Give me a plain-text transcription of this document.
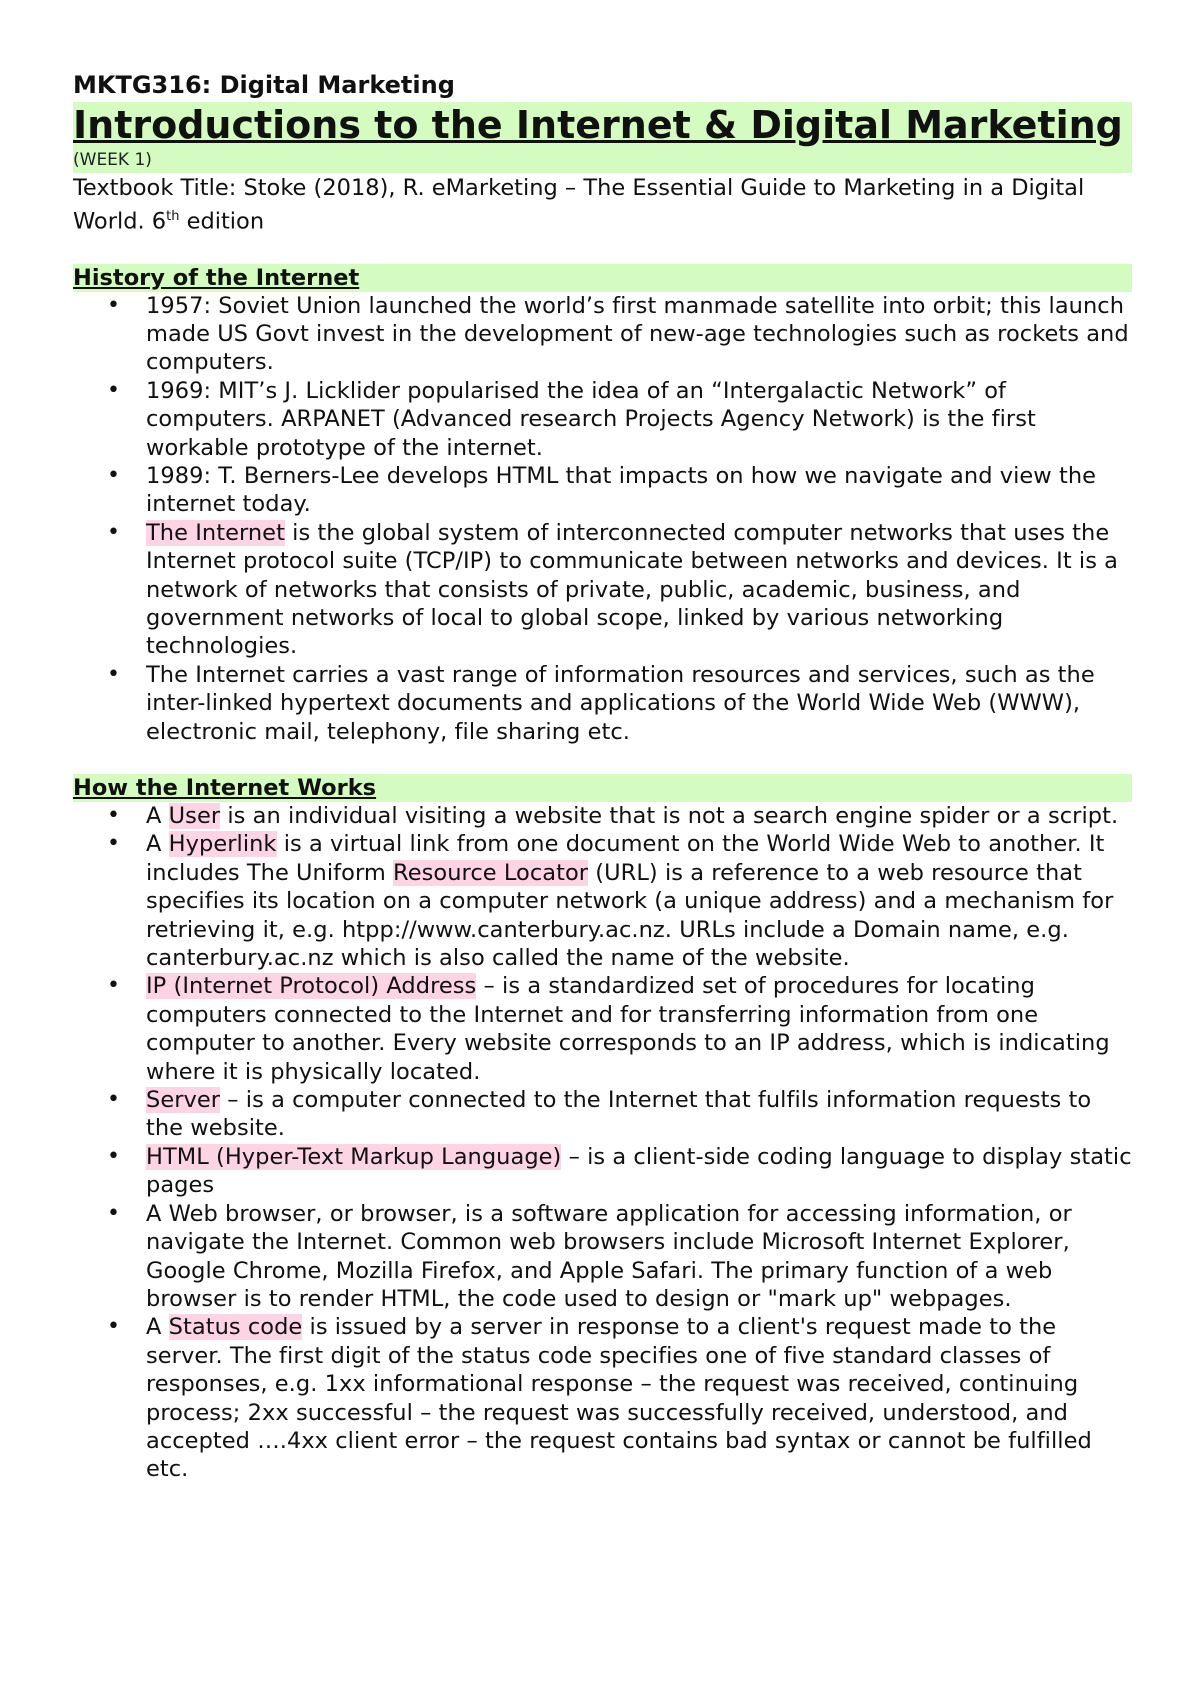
MKTG316: Digital Marketing

Introductions to the Internet & Digital Marketing
(WEEK 1)
Textbook Title: Stoke (2018), R. eMarketing – The Essential Guide to Marketing in a Digital World. 6th edition
History of the Internet
• 1957: Soviet Union launched the world’s first manmade satellite into orbit; this launch made US Govt invest in the development of new-age technologies such as rockets and computers.
• 1969: MIT’s J. Licklider popularised the idea of an “Intergalactic Network” of computers. ARPANET (Advanced research Projects Agency Network) is the first workable prototype of the internet.
• 1989: T. Berners-Lee develops HTML that impacts on how we navigate and view the internet today.
• The Internet is the global system of interconnected computer networks that uses the Internet protocol suite (TCP/IP) to communicate between networks and devices. It is a network of networks that consists of private, public, academic, business, and government networks of local to global scope, linked by various networking technologies.
• The Internet carries a vast range of information resources and services, such as the inter-linked hypertext documents and applications of the World Wide Web (WWW), electronic mail, telephony, file sharing etc.
How the Internet Works
• A User is an individual visiting a website that is not a search engine spider or a script.
• A Hyperlink is a virtual link from one document on the World Wide Web to another. It includes The Uniform Resource Locator (URL) is a reference to a web resource that specifies its location on a computer network (a unique address) and a mechanism for retrieving it, e.g. htpp://www.canterbury.ac.nz. URLs include a Domain name, e.g. canterbury.ac.nz which is also called the name of the website.
• IP (Internet Protocol) Address – is a standardized set of procedures for locating computers connected to the Internet and for transferring information from one computer to another. Every website corresponds to an IP address, which is indicating where it is physically located.
• Server – is a computer connected to the Internet that fulfils information requests to the website.
• HTML (Hyper-Text Markup Language) – is a client-side coding language to display static pages
• A Web browser, or browser, is a software application for accessing information, or navigate the Internet. Common web browsers include Microsoft Internet Explorer, Google Chrome, Mozilla Firefox, and Apple Safari. The primary function of a web browser is to render HTML, the code used to design or "mark up" webpages.
• A Status code is issued by a server in response to a client's request made to the server. The first digit of the status code specifies one of five standard classes of responses, e.g. 1xx informational response – the request was received, continuing process; 2xx successful – the request was successfully received, understood, and accepted ….4xx client error – the request contains bad syntax or cannot be fulfilled etc.
